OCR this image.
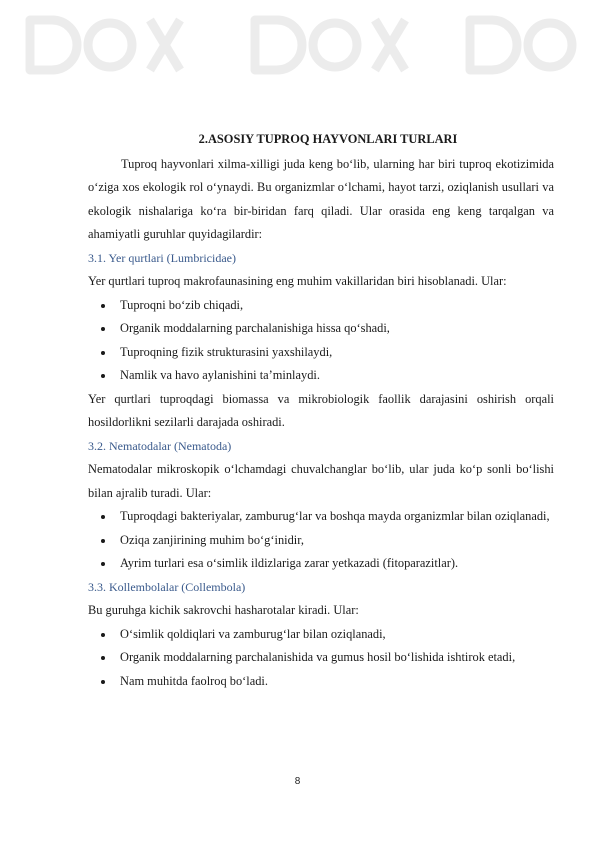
2.ASOSIY TUPROQ HAYVONLARI TURLARI

Tuproq hayvonlari xilma-xilligi juda keng bo‘lib, ularning har biri tuproq ekotizimida o‘ziga xos ekologik rol o‘ynaydi. Bu organizmlar o‘lchami, hayot tarzi, oziqlanish usullari va ekologik nishalariga ko‘ra bir-biridan farq qiladi. Ular orasida eng keng tarqalgan va ahamiyatli guruhlar quyidagilardir:

3.1. Yer qurtlari (Lumbricidae)

Yer qurtlari tuproq makrofaunasining eng muhim vakillaridan biri hisoblanadi. Ular:

Tuproqni bo‘zib chiqadi,
Organik moddalarning parchalanishiga hissa qo‘shadi,
Tuproqning fizik strukturasini yaxshilaydi,
Namlik va havo aylanishini ta’minlaydi.

Yer qurtlari tuproqdagi biomassa va mikrobiologik faollik darajasini oshirish orqali hosildorlikni sezilarli darajada oshiradi.

3.2. Nematodalar (Nematoda)

Nematodalar mikroskopik o‘lchamdagi chuvalchanglar bo‘lib, ular juda ko‘p sonli bo‘lishi bilan ajralib turadi. Ular:

Tuproqdagi bakteriyalar, zamburug‘lar va boshqa mayda organizmlar bilan oziqlanadi,
Oziqa zanjirining muhim bo‘g‘inidir,
Ayrim turlari esa o‘simlik ildizlariga zarar yetkazadi (fitoparazitlar).
3.3. Kollembolalar (Collembola)

Bu guruhga kichik sakrovchi hasharotalar kiradi. Ular:

O‘simlik qoldiqlari va zamburug‘lar bilan oziqlanadi,
Organik moddalarning parchalanishida va gumus hosil bo‘lishida ishtirok etadi,
Nam muhitda faolroq bo‘ladi.
8
